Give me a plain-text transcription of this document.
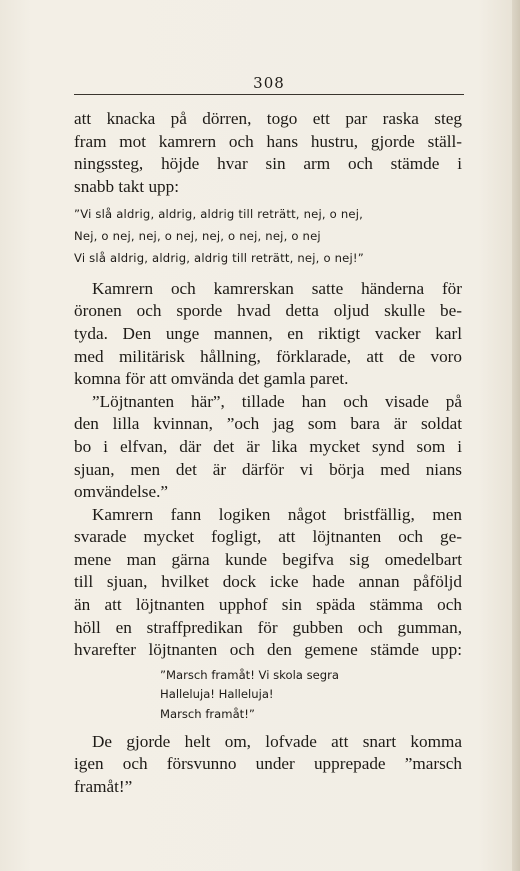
308
att knacka på dörren, togo ett par raska steg
fram mot kamrern och hans hustru, gjorde ställ-
ningssteg, höjde hvar sin arm och stämde i
snabb takt upp:
”Vi slå aldrig, aldrig, aldrig till reträtt, nej, o nej,
Nej, o nej, nej, o nej, nej, o nej, nej, o nej
Vi slå aldrig, aldrig, aldrig till reträtt, nej, o nej!”
Kamrern och kamrerskan satte händerna för
öronen och sporde hvad detta oljud skulle be-
tyda. Den unge mannen, en riktigt vacker karl
med militärisk hållning, förklarade, att de voro
komna för att omvända det gamla paret.
”Löjtnanten här”, tillade han och visade på
den lilla kvinnan, ”och jag som bara är soldat
bo i elfvan, där det är lika mycket synd som i
sjuan, men det är därför vi börja med nians
omvändelse.”
Kamrern fann logiken något bristfällig, men
svarade mycket fogligt, att löjtnanten och ge-
mene man gärna kunde begifva sig omedelbart
till sjuan, hvilket dock icke hade annan påföljd
än att löjtnanten upphof sin späda stämma och
höll en straffpredikan för gubben och gumman,
hvarefter löjtnanten och den gemene stämde upp:
”Marsch framåt! Vi skola segra
Halleluja! Halleluja!
Marsch framåt!”
De gjorde helt om, lofvade att snart komma
igen och försvunno under upprepade ”marsch
framåt!”
